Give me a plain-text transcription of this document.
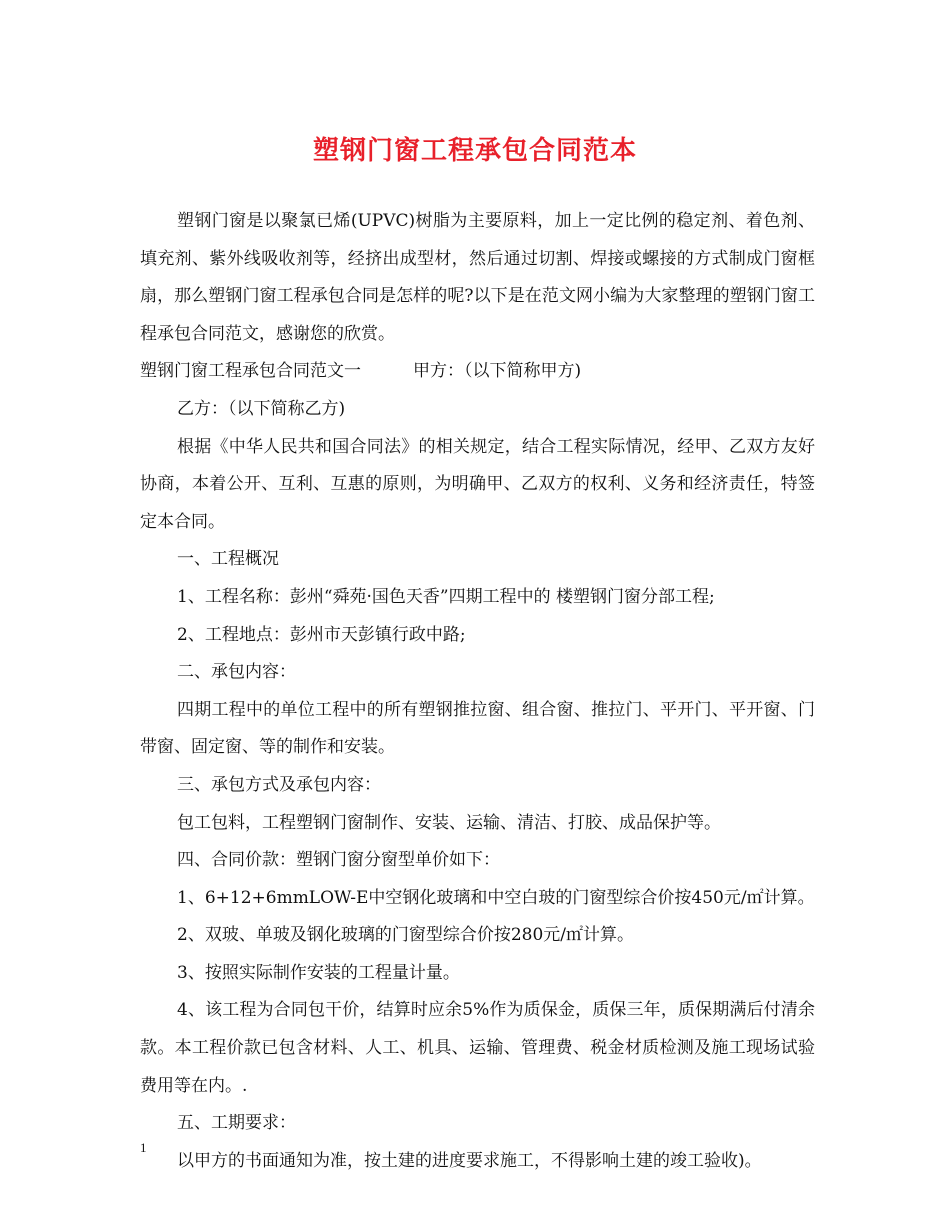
塑钢门窗工程承包合同范本

塑钢门窗是以聚氯已烯(UPVC)树脂为主要原料，加上一定比例的稳定剂、着色剂、填充剂、紫外线吸收剂等，经挤出成型材，然后通过切割、焊接或螺接的方式制成门窗框扇，那么塑钢门窗工程承包合同是怎样的呢?以下是在范文网小编为大家整理的塑钢门窗工程承包合同范文，感谢您的欣赏。

塑钢门窗工程承包合同范文一	甲方：（以下简称甲方)

乙方：（以下简称乙方)

根据《中华人民共和国合同法》的相关规定，结合工程实际情况，经甲、乙双方友好协商，本着公开、互利、互惠的原则，为明确甲、乙双方的权利、义务和经济责任，特签定本合同。

一、工程概况

1、工程名称：彭州“舜苑·国色天香”四期工程中的 楼塑钢门窗分部工程;

2、工程地点：彭州市天彭镇行政中路;

二、承包内容：

四期工程中的单位工程中的所有塑钢推拉窗、组合窗、推拉门、平开门、平开窗、门带窗、固定窗、等的制作和安装。

三、承包方式及承包内容：

包工包料，工程塑钢门窗制作、安装、运输、清洁、打胶、成品保护等。

四、合同价款：塑钢门窗分窗型单价如下：

1、6+12+6mmLOW-E中空钢化玻璃和中空白玻的门窗型综合价按450元/㎡计算。

2、双玻、单玻及钢化玻璃的门窗型综合价按280元/㎡计算。

3、按照实际制作安装的工程量计量。

4、该工程为合同包干价，结算时应余5%作为质保金，质保三年，质保期满后付清余款。本工程价款已包含材料、人工、机具、运输、管理费、税金材质检测及施工现场试验费用等在内。.

五、工期要求：

以甲方的书面通知为准，按土建的进度要求施工，不得影响土建的竣工验收)。

1
